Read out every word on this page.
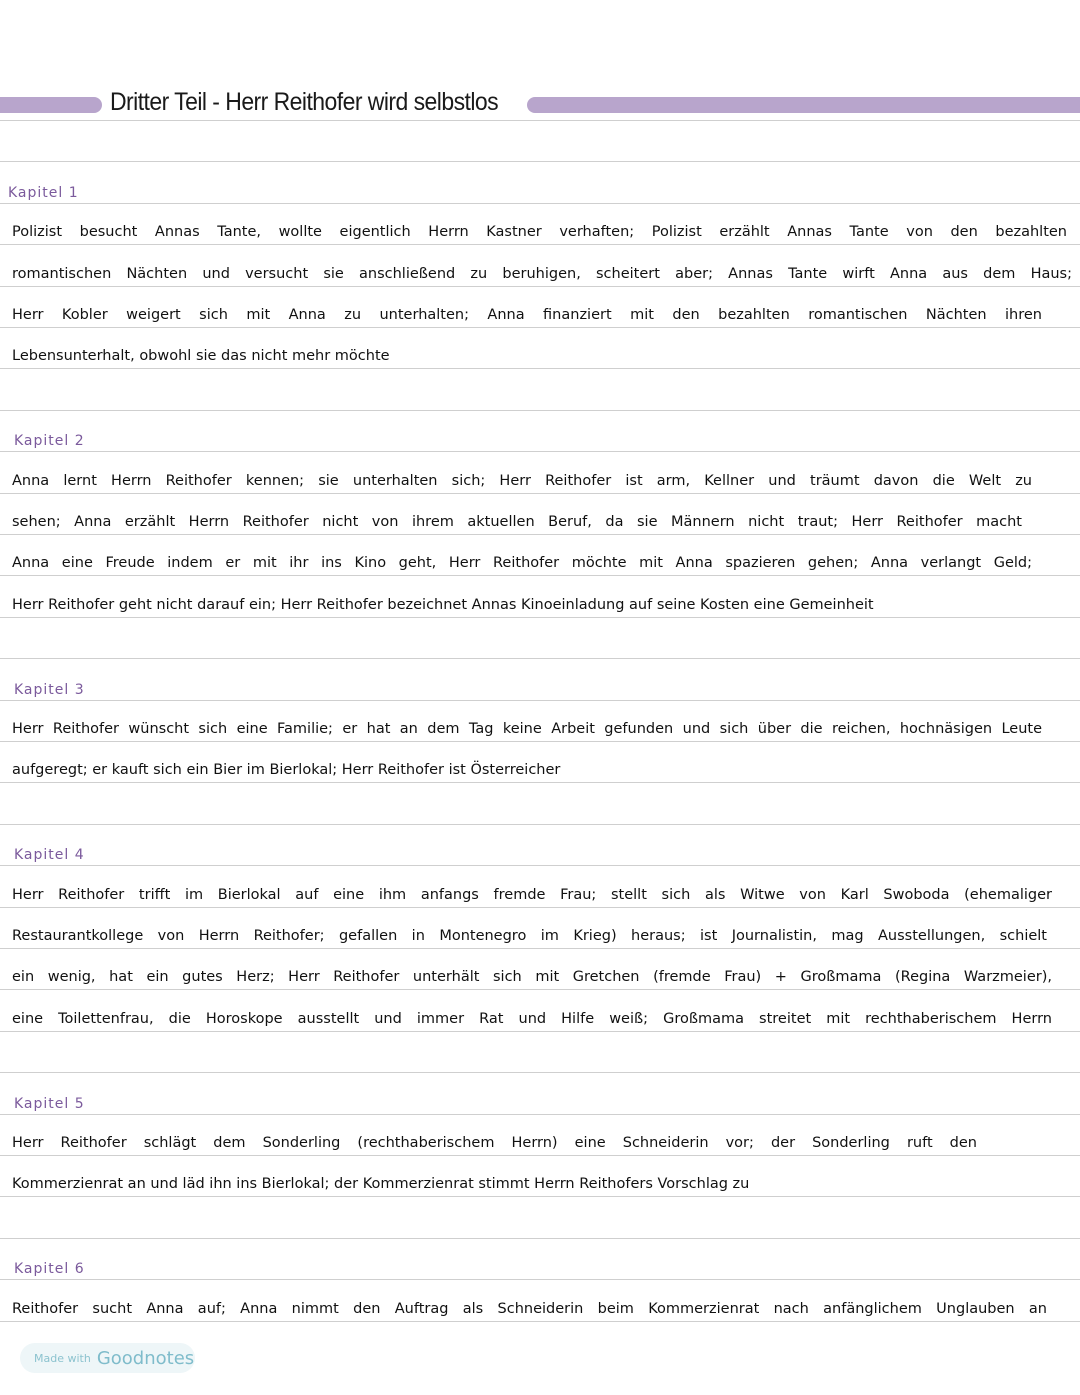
Dritter Teil - Herr Reithofer wird selbstlos
Kapitel 1
Polizist besucht Annas Tante, wollte eigentlich Herrn Kastner verhaften; Polizist erzählt Annas Tante von den bezahlten
romantischen Nächten und versucht sie anschließend zu beruhigen, scheitert aber; Annas Tante wirft Anna aus dem Haus;
Herr Kobler weigert sich mit Anna zu unterhalten; Anna finanziert mit den bezahlten romantischen Nächten ihren
Lebensunterhalt, obwohl sie das nicht mehr möchte
Kapitel 2
Anna lernt Herrn Reithofer kennen; sie unterhalten sich; Herr Reithofer ist arm, Kellner und träumt davon die Welt zu
sehen; Anna erzählt Herrn Reithofer nicht von ihrem aktuellen Beruf, da sie Männern nicht traut; Herr Reithofer macht
Anna eine Freude indem er mit ihr ins Kino geht, Herr Reithofer möchte mit Anna spazieren gehen; Anna verlangt Geld;
Herr Reithofer geht nicht darauf ein; Herr Reithofer bezeichnet Annas Kinoeinladung auf seine Kosten eine Gemeinheit
Kapitel 3
Herr Reithofer wünscht sich eine Familie; er hat an dem Tag keine Arbeit gefunden und sich über die reichen, hochnäsigen Leute
aufgeregt; er kauft sich ein Bier im Bierlokal; Herr Reithofer ist Österreicher
Kapitel 4
Herr Reithofer trifft im Bierlokal auf eine ihm anfangs fremde Frau; stellt sich als Witwe von Karl Swoboda (ehemaliger
Restaurantkollege von Herrn Reithofer; gefallen in Montenegro im Krieg) heraus; ist Journalistin, mag Ausstellungen, schielt
ein wenig, hat ein gutes Herz; Herr Reithofer unterhält sich mit Gretchen (fremde Frau) + Großmama (Regina Warzmeier),
eine Toilettenfrau, die Horoskope ausstellt und immer Rat und Hilfe weiß; Großmama streitet mit rechthaberischem Herrn
Kapitel 5
Herr Reithofer schlägt dem Sonderling (rechthaberischem Herrn) eine Schneiderin vor; der Sonderling ruft den
Kommerzienrat an und läd ihn ins Bierlokal; der Kommerzienrat stimmt Herrn Reithofers Vorschlag zu
Kapitel 6
Reithofer sucht Anna auf; Anna nimmt den Auftrag als Schneiderin beim Kommerzienrat nach anfänglichem Unglauben an
Made with Goodnotes
